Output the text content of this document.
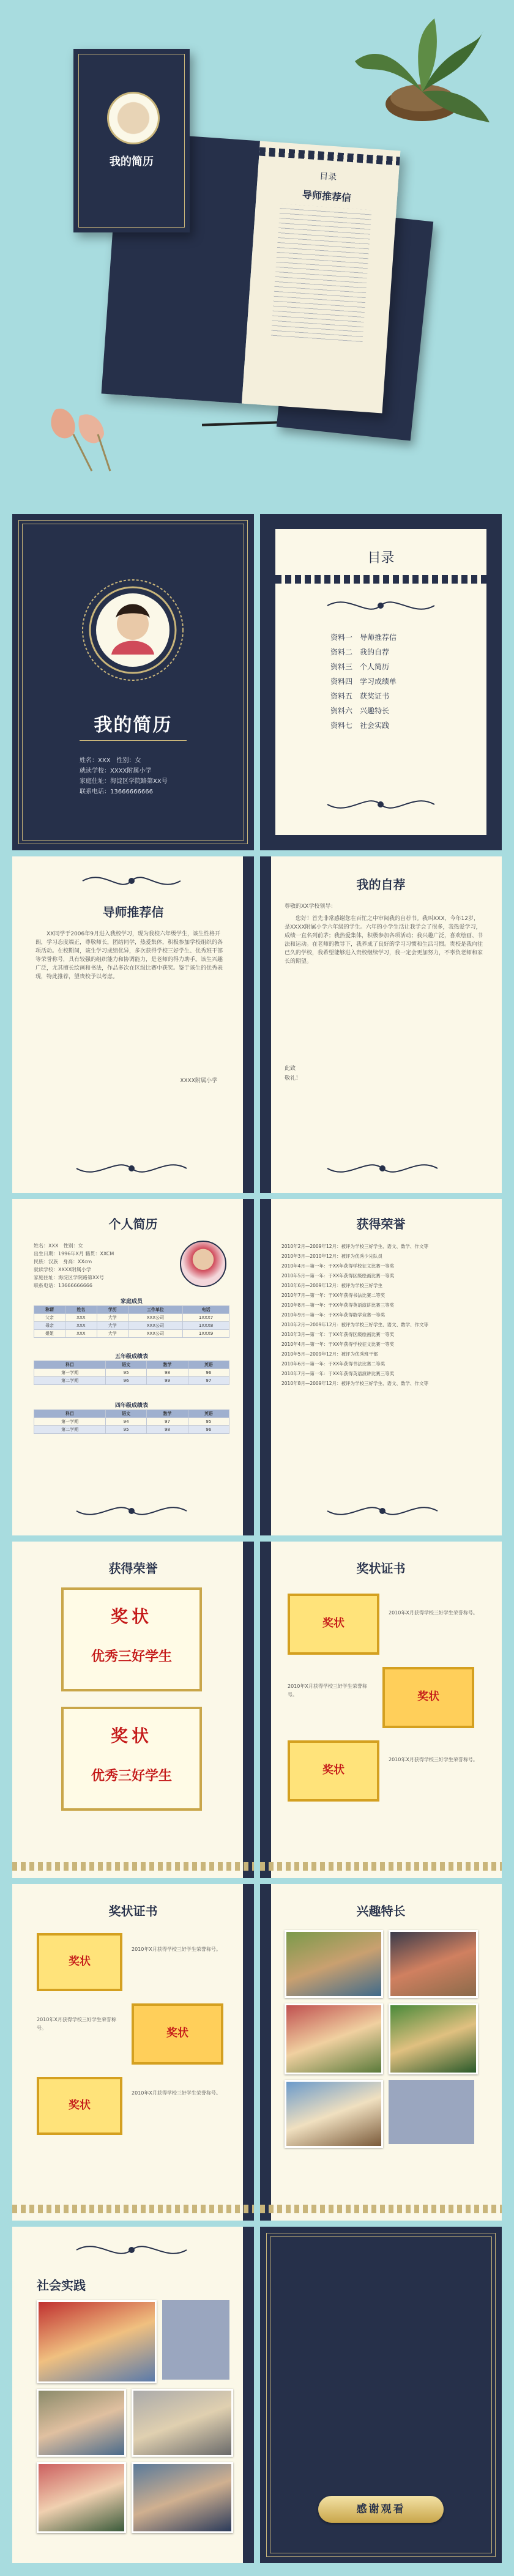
目录
导师推荐信
我的简历
我的简历
姓名：XXX　性别：女
就读学校：XXXX附属小学
家庭住址：海淀区学院路第XX号
联系电话：13666666666
目录
资料一　 导师推荐信
资料二　 我的自荐
资料三　 个人简历
资料四　 学习成绩单
资料五　 获奖证书
资料六　 兴趣特长
资料七　 社会实践
导师推荐信
XX同学于2006年9月进入我校学习，现为我校六年级学生，该生性格开朗，学习态度端正，尊敬师长，团结同学，热爱集体，积极参加学校组织的各项活动。在校期间，该生学习成绩优异，多次获得学校三好学生、优秀班干部等荣誉称号，具有较强的组织能力和协调能力，是老师的得力助手。该生兴趣广泛，尤其擅长绘画和书法，作品多次在区级比赛中获奖。鉴于该生的优秀表现，特此推荐，望贵校予以考虑。
XXXX附属小学
我的自荐
尊敬的XX学校领导：
您好！首先非常感谢您在百忙之中审阅我的自荐书。我叫XXX，今年12岁，是XXXX附属小学六年级的学生。六年的小学生活让我学会了很多，我热爱学习，成绩一直名列前茅；我热爱集体，积极参加各项活动；我兴趣广泛，喜欢绘画、书法和运动。在老师的教导下，我养成了良好的学习习惯和生活习惯。贵校是我向往已久的学校，我希望能够进入贵校继续学习，我一定会更加努力，不辜负老师和家长的期望。
此致
敬礼！
个人简历
姓名：XXX　性别：女
出生日期：1996年X月 籍贯：XXCM
民族：汉族　身高：XXcm
就读学校：XXXX附属小学
家庭住址：海淀区学院路第XX号
联系电话：13666666666
家庭成员
称谓	姓名	学历	工作单位	电话
父亲	XXX	大学	XXX公司	1XXX7
母亲	XXX	大学	XXX公司	1XXX8
姐姐	XXX	大学	XXX公司	1XXX9
五年级成绩表
科目	语文	数学	英语
第一学期	95	98	96
第二学期	96	99	97
四年级成绩表
科目	语文	数学	英语
第一学期	94	97	95
第二学期	95	98	96
获得荣誉
2010年2月—2009年12月：被评为学校三好学生、语文、数学、作文等
2010年3月—2010年12月：被评为优秀少先队员
2010年4月—第一年：于XX年获得学校征文比赛一等奖
2010年5月—第一年：于XX年获得区级绘画比赛一等奖
2010年6月—2009年12月：被评为学校三好学生
2010年7月—第一年：于XX年获得书法比赛二等奖
2010年8月—第一年：于XX年获得英语演讲比赛三等奖
2010年9月—第一年：于XX年获得数学竞赛一等奖
2010年2月—2009年12月：被评为学校三好学生、语文、数学、作文等
2010年3月—第一年：于XX年获得区级绘画比赛一等奖
2010年4月—第一年：于XX年获得学校征文比赛一等奖
2010年5月—2009年12月：被评为优秀班干部
2010年6月—第一年：于XX年获得书法比赛二等奖
2010年7月—第一年：于XX年获得英语演讲比赛三等奖
2010年8月—2009年12月：被评为学校三好学生、语文、数学、作文等
获得荣誉
奖状
优秀三好学生
奖状
优秀三好学生
奖状证书
奖状
2010年X月获得学校三好学生荣誉称号。
奖状
2010年X月获得学校三好学生荣誉称号。
奖状
2010年X月获得学校三好学生荣誉称号。
奖状证书
奖状
2010年X月获得学校三好学生荣誉称号。
奖状
2010年X月获得学校三好学生荣誉称号。
奖状
2010年X月获得学校三好学生荣誉称号。
兴趣特长
社会实践
感谢观看
